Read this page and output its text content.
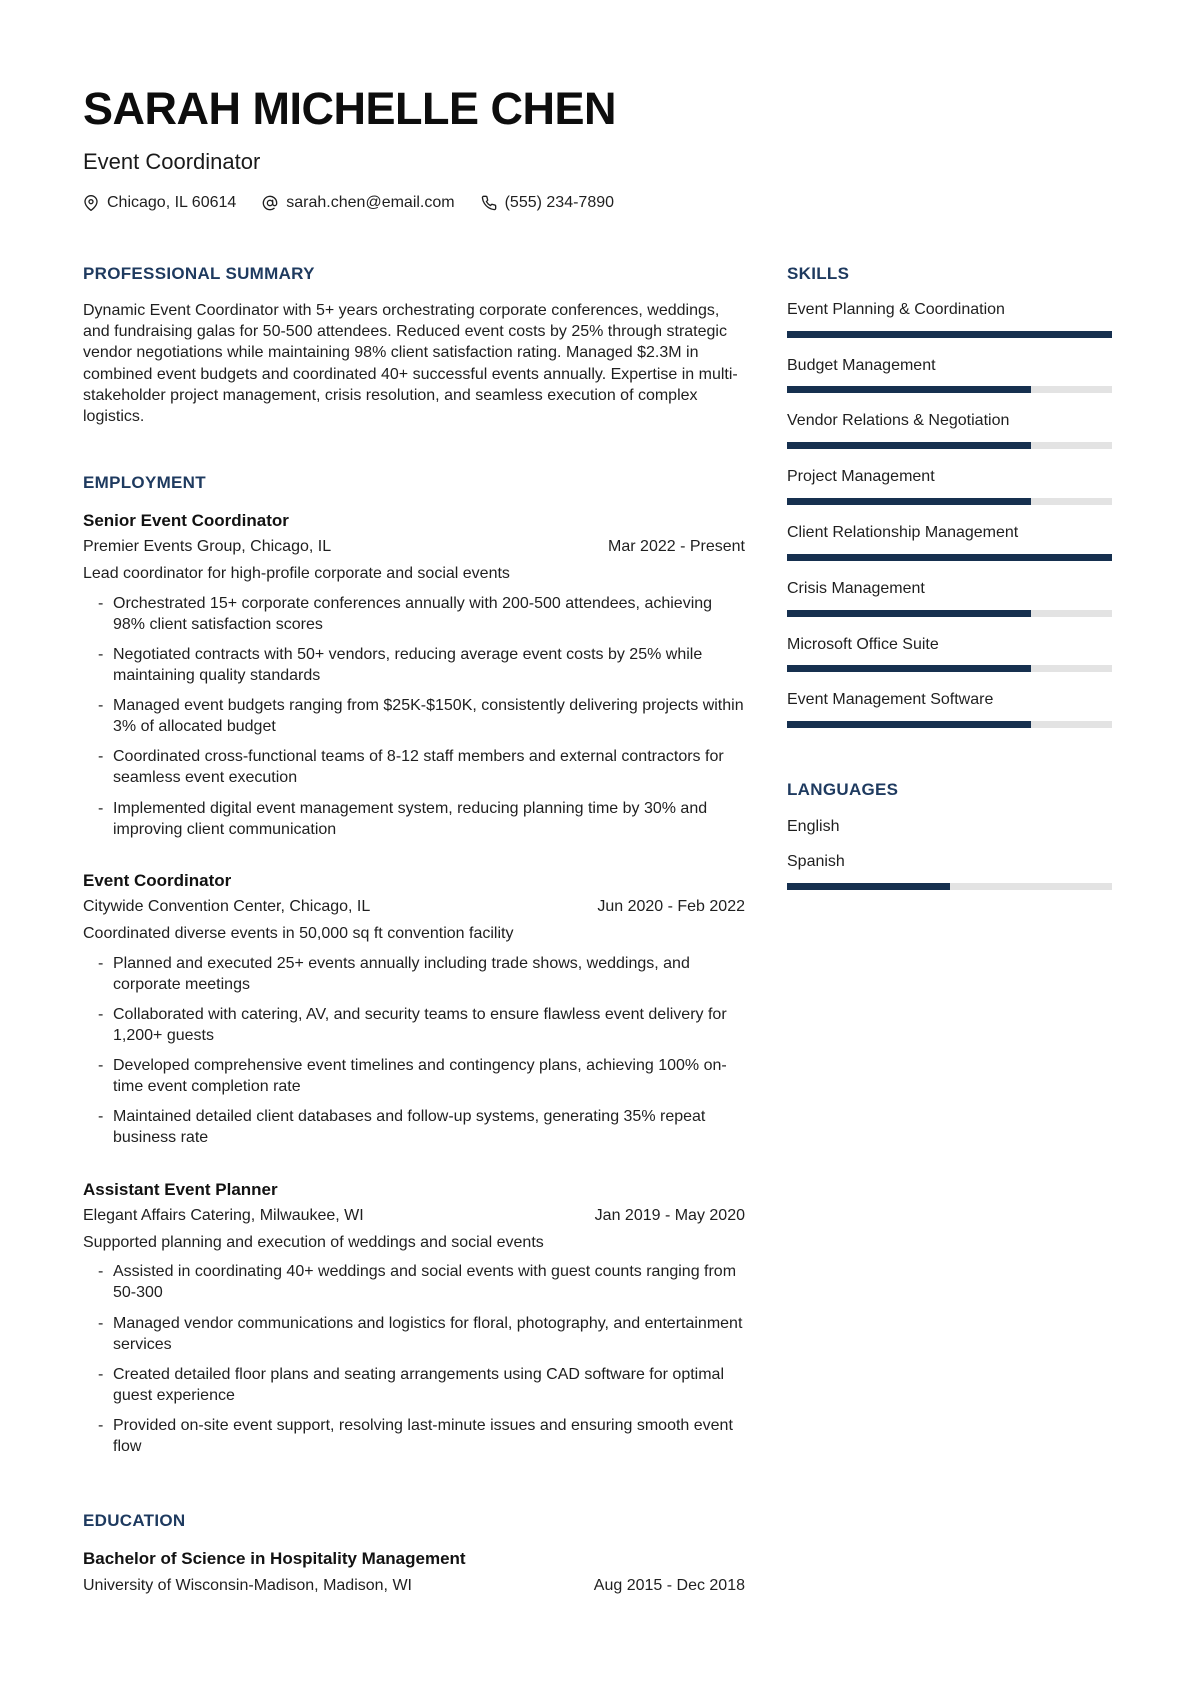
SARAH MICHELLE CHEN
Event Coordinator
Chicago, IL 60614	sarah.chen@email.com	(555) 234-7890
PROFESSIONAL SUMMARY

Dynamic Event Coordinator with 5+ years orchestrating corporate conferences, weddings, and fundraising galas for 50-500 attendees. Reduced event costs by 25% through strategic vendor negotiations while maintaining 98% client satisfaction rating. Managed $2.3M in combined event budgets and coordinated 40+ successful events annually. Expertise in multi-stakeholder project management, crisis resolution, and seamless execution of complex logistics.

EMPLOYMENT
Senior Event Coordinator
Premier Events Group, Chicago, IL	Mar 2022 - Present
Lead coordinator for high-profile corporate and social events
- Orchestrated 15+ corporate conferences annually with 200-500 attendees, achieving 98% client satisfaction scores
- Negotiated contracts with 50+ vendors, reducing average event costs by 25% while maintaining quality standards
- Managed event budgets ranging from $25K-$150K, consistently delivering projects within 3% of allocated budget
- Coordinated cross-functional teams of 8-12 staff members and external contractors for seamless event execution
- Implemented digital event management system, reducing planning time by 30% and improving client communication
Event Coordinator
Citywide Convention Center, Chicago, IL	Jun 2020 - Feb 2022
Coordinated diverse events in 50,000 sq ft convention facility
- Planned and executed 25+ events annually including trade shows, weddings, and corporate meetings
- Collaborated with catering, AV, and security teams to ensure flawless event delivery for 1,200+ guests
- Developed comprehensive event timelines and contingency plans, achieving 100% on-time event completion rate
- Maintained detailed client databases and follow-up systems, generating 35% repeat business rate
Assistant Event Planner
Elegant Affairs Catering, Milwaukee, WI	Jan 2019 - May 2020
Supported planning and execution of weddings and social events
- Assisted in coordinating 40+ weddings and social events with guest counts ranging from 50-300
- Managed vendor communications and logistics for floral, photography, and entertainment services
- Created detailed floor plans and seating arrangements using CAD software for optimal guest experience
- Provided on-site event support, resolving last-minute issues and ensuring smooth event flow
EDUCATION
Bachelor of Science in Hospitality Management
University of Wisconsin-Madison, Madison, WI	Aug 2015 - Dec 2018
SKILLS
Event Planning & Coordination
Budget Management
Vendor Relations & Negotiation
Project Management
Client Relationship Management
Crisis Management
Microsoft Office Suite
Event Management Software
LANGUAGES
English
Spanish
